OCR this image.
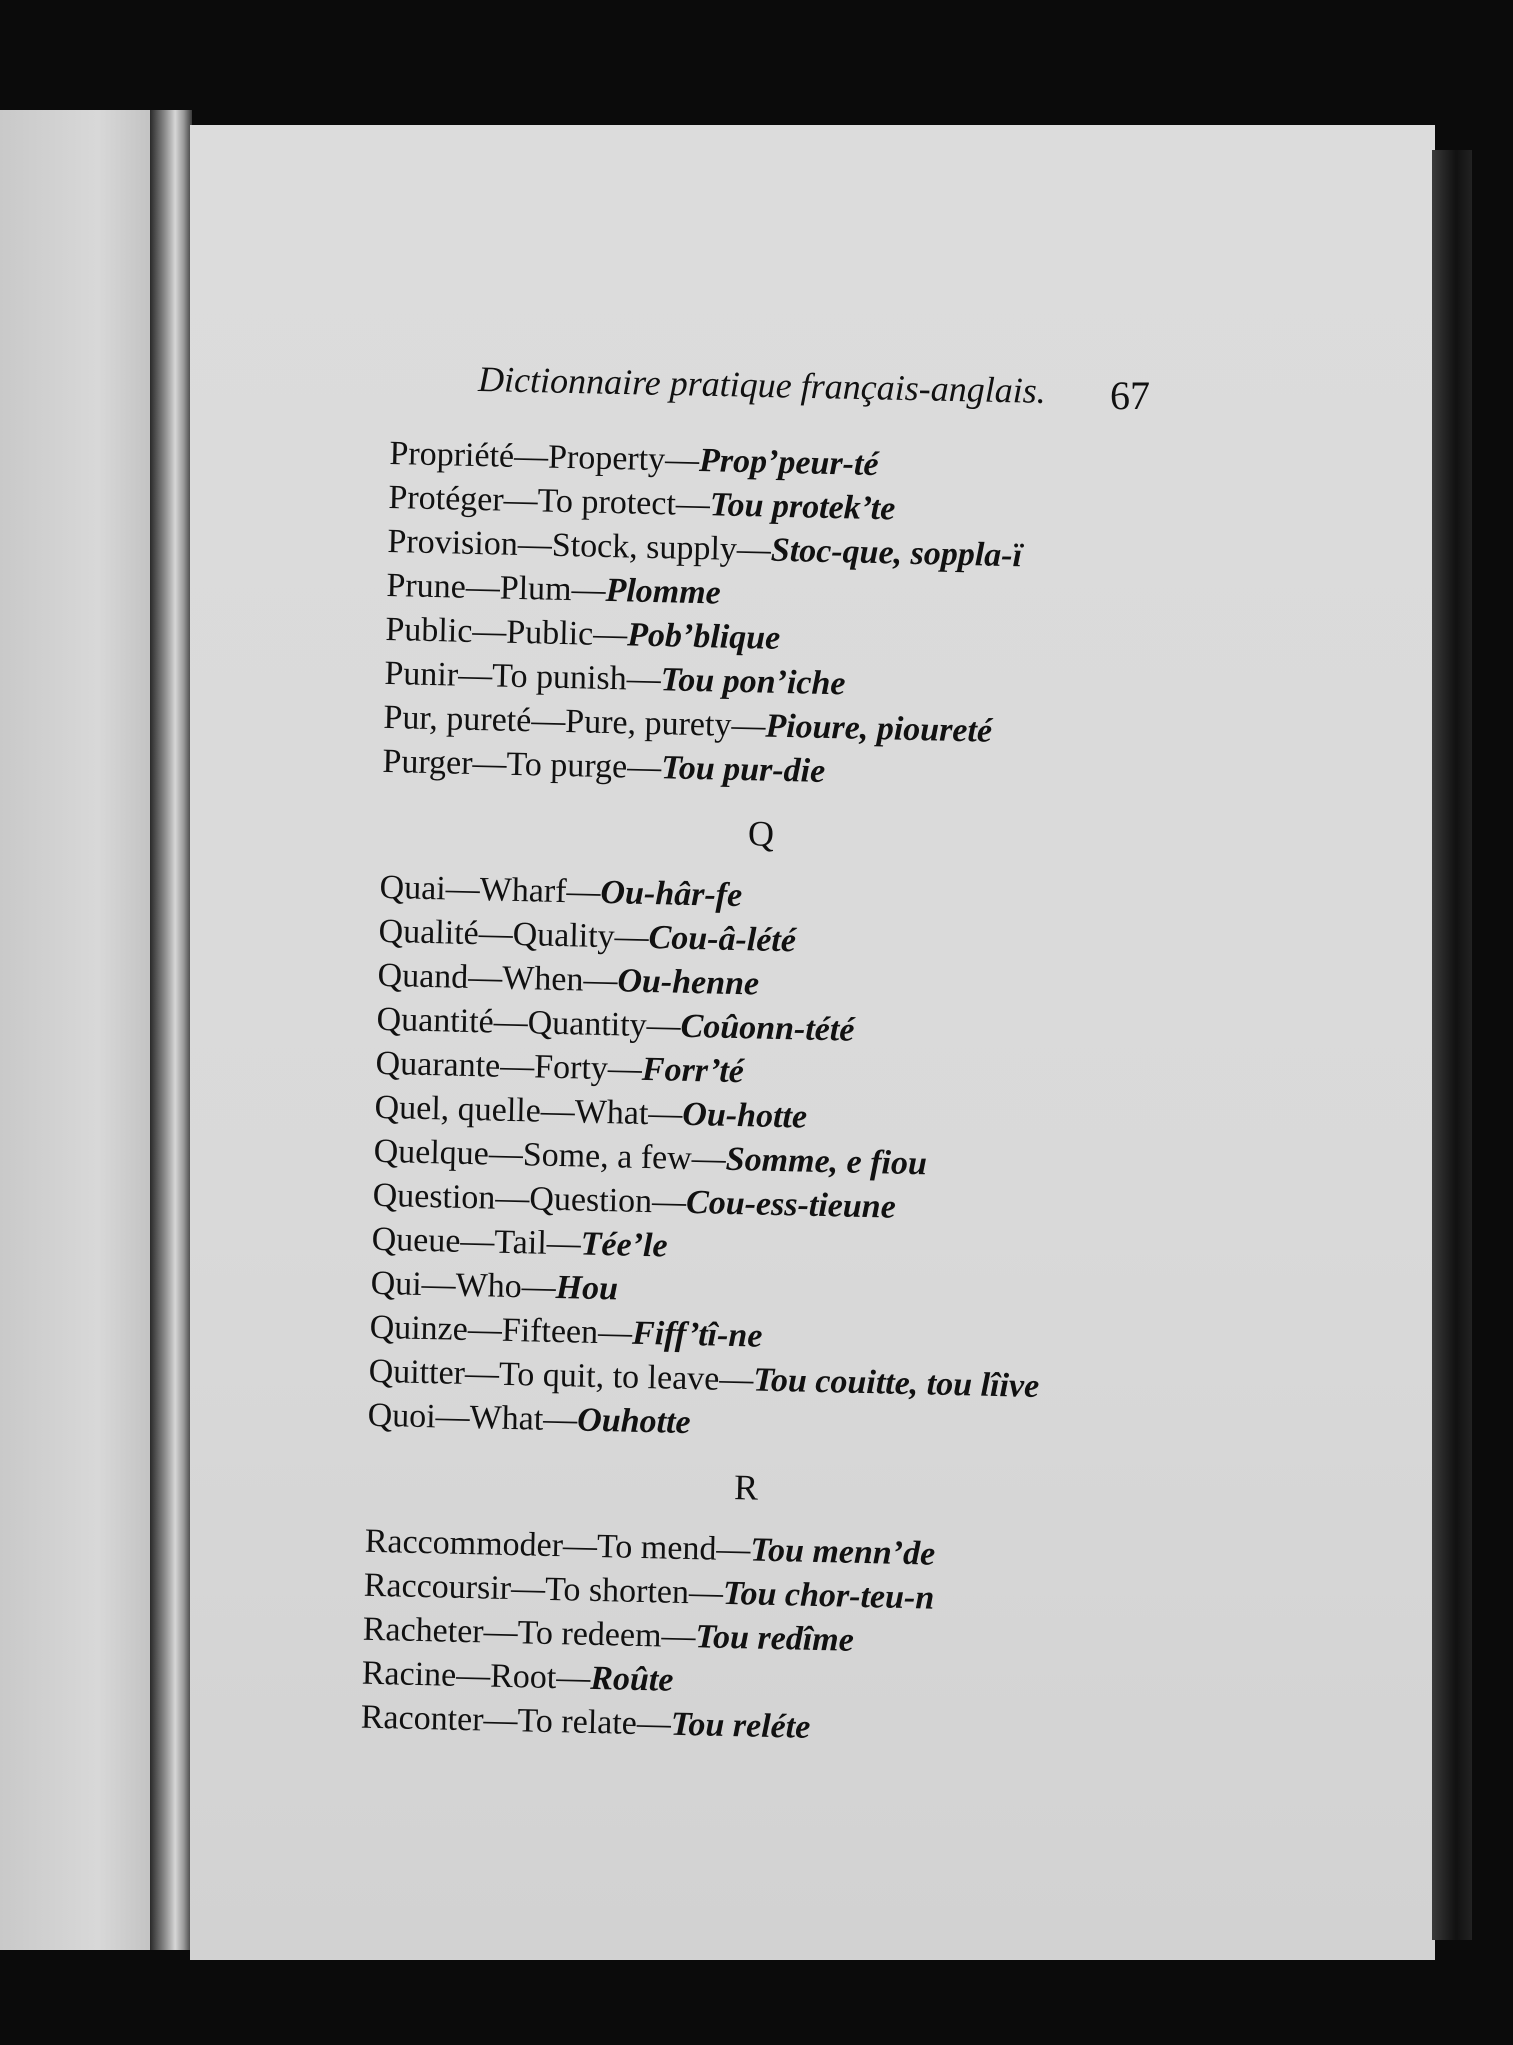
Dictionnaire pratique français-anglais.	67
Propriété—Property—Prop’peur-té
Protéger—To protect—Tou protek’te
Provision—Stock, supply—Stoc-que, soppla-ï
Prune—Plum—Plomme
Public—Public—Pob’blique
Punir—To punish—Tou pon’iche
Pur, pureté—Pure, purety—Pioure, pioureté
Purger—To purge—Tou pur-die
Q
Quai—Wharf—Ou-hâr-fe
Qualité—Quality—Cou-â-lété
Quand—When—Ou-henne
Quantité—Quantity—Coûonn-tété
Quarante—Forty—Forr’té
Quel, quelle—What—Ou-hotte
Quelque—Some, a few—Somme, e fiou
Question—Question—Cou-ess-tieune
Queue—Tail—Tée’le
Qui—Who—Hou
Quinze—Fifteen—Fiff’tî-ne
Quitter—To quit, to leave—Tou couitte, tou lîive
Quoi—What—Ouhotte
R
Raccommoder—To mend—Tou menn’de
Raccoursir—To shorten—Tou chor-teu-n
Racheter—To redeem—Tou redîme
Racine—Root—Roûte
Raconter—To relate—Tou reléte
